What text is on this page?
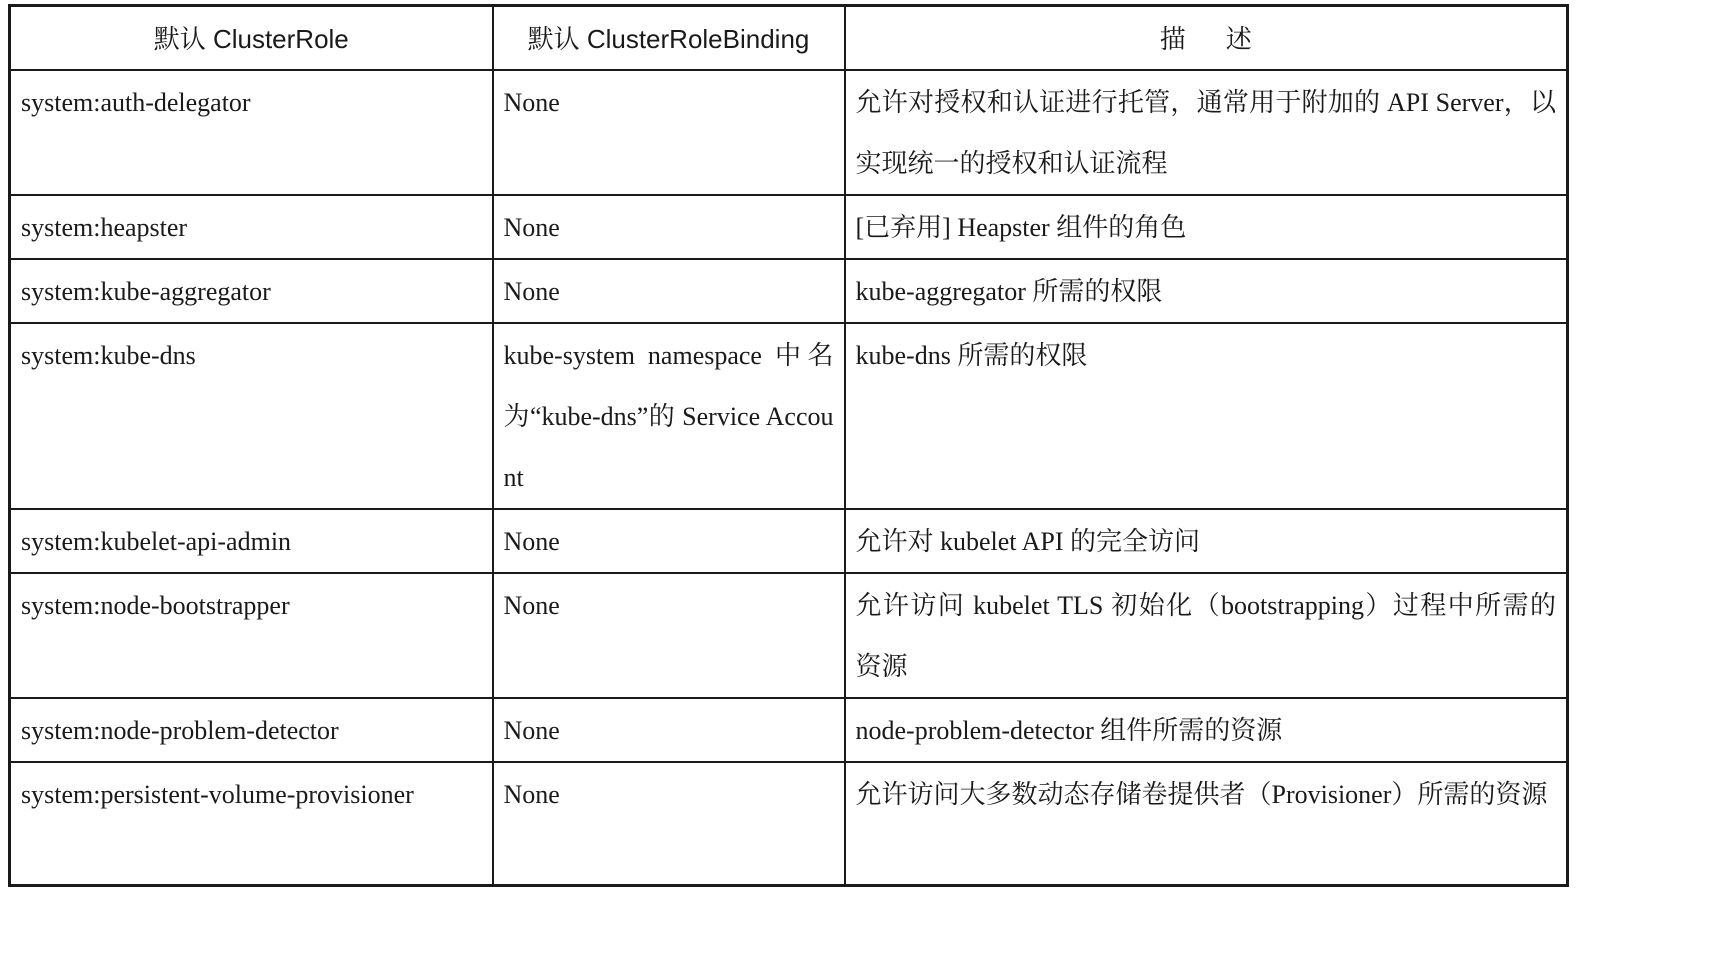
默认 ClusterRole	默认 ClusterRoleBinding	描述
system:auth-delegator	None	允许对授权和认证进行托管，通常用于附加的 API Server，以实现统一的授权和认证流程
system:heapster	None	[已弃用] Heapster 组件的角色
system:kube-aggregator	None	kube-aggregator 所需的权限
system:kube-dns	kube-system namespace 中名为“kube-dns”的 Service Account	kube-dns 所需的权限
system:kubelet-api-admin	None	允许对 kubelet API 的完全访问
system:node-bootstrapper	None	允许访问 kubelet TLS 初始化（bootstrapping）过程中所需的资源
system:node-problem-detector	None	node-problem-detector 组件所需的资源
system:persistent-volume-provisioner	None	允许访问大多数动态存储卷提供者（Provisioner）所需的资源
